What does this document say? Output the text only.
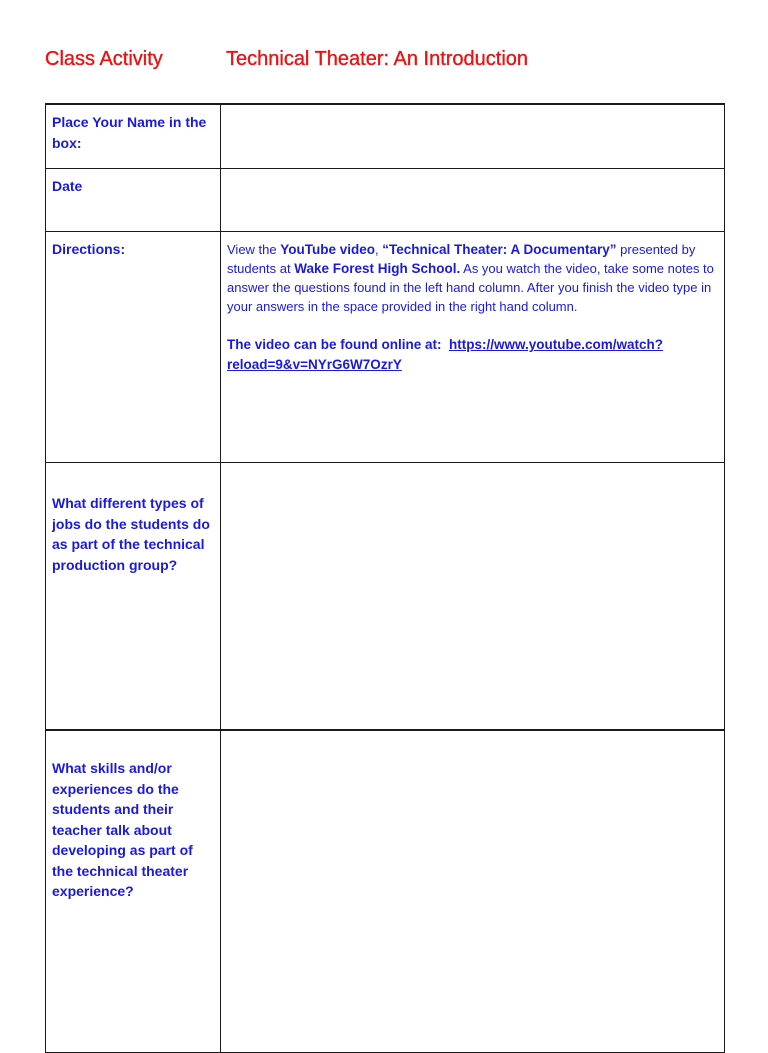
Class Activity	Technical Theater: An Introduction
Place Your Name in the box:	
Date	
Directions:	View the YouTube video, “Technical Theater: A Documentary” presented by students at Wake Forest High School. As you watch the video, take some notes to answer the questions found in the left hand column. After you finish the video type in your answers in the space provided in the right hand column.
The video can be found online at: https://www.youtube.com/watch?reload=9&v=NYrG6W7OzrY

What different types of jobs do the students do as part of the technical production group?	
What skills and/or experiences do the students and their teacher talk about developing as part of the technical theater experience?	
